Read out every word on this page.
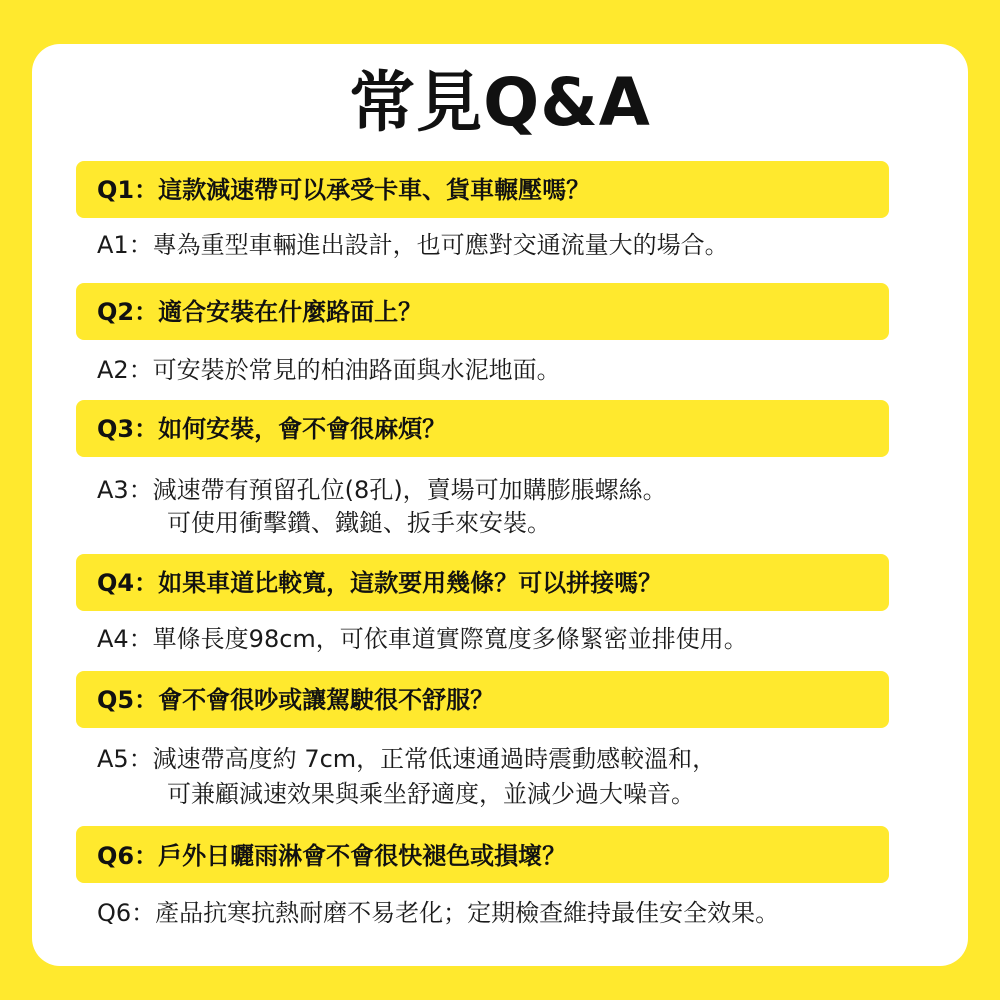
常見Q&A
Q1：這款減速帶可以承受卡車、貨車輾壓嗎？
A1：專為重型車輛進出設計，也可應對交通流量大的場合。
Q2：適合安裝在什麼路面上？
A2：可安裝於常見的柏油路面與水泥地面。
Q3：如何安裝，會不會很麻煩？
A3：減速帶有預留孔位(8孔)，賣場可加購膨脹螺絲。
可使用衝擊鑽、鐵鎚、扳手來安裝。
Q4：如果車道比較寬，這款要用幾條？可以拼接嗎？
A4：單條長度98cm，可依車道實際寬度多條緊密並排使用。
Q5：會不會很吵或讓駕駛很不舒服？
A5：減速帶高度約 7cm，正常低速通過時震動感較溫和，
可兼顧減速效果與乘坐舒適度，並減少過大噪音。
Q6：戶外日曬雨淋會不會很快褪色或損壞？
Q6：產品抗寒抗熱耐磨不易老化；定期檢查維持最佳安全效果。
